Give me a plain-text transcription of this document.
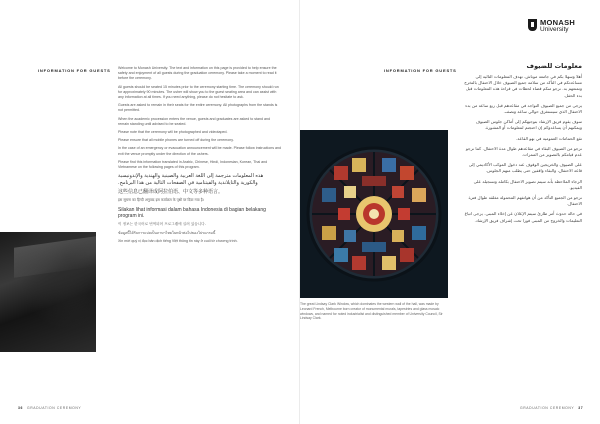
INFORMATION FOR GUESTS Welcome to Monash University. The text and information on this page is provided to help ensure the safety and enjoyment of all guests during the graduation ceremony. Please take a moment to read it before the ceremony.

All guests should be seated 15 minutes prior to the ceremony starting time. The ceremony should run for approximately 90 minutes. The usher will show you to the guest seating area and can assist with any information at all times. If you need anything, please do not hesitate to ask.

Guests are asked to remain in their seats for the entire ceremony. All photographs from the stands is not permitted.

When the academic procession enters the venue, guests and graduates are asked to stand and remain standing until advised to be seated.

Please note that the ceremony will be photographed and videotaped.

Please ensure that all mobile phones are turned off during the ceremony.

In the case of an emergency or evacuation announcement will be made. Please follow instructions and exit the venue promptly under the direction of the ushers.

Please find this information translated in Arabic, Chinese, Hindi, Indonesian, Korean, Thai and Vietnamese on the following pages of this program.

هذه المعلومات مترجمة إلى اللغة العربية والصينية والهندية والإندونيسية والكورية والتايلاندية والفيتنامية في الصفحات التالية من هذا البرنامج.

这些信息已翻译成阿拉伯语、中文等多种语言。

इस सूचना का हिन्दी अनुवाद इस कार्यक्रम के पृष्ठों पर दिया गया है।

Silakan lihat informasi dalam bahasa Indonesia di bagian belakang program ini.

이 정보는 한국어로 번역되어 프로그램에 실려 있습니다.

ข้อมูลนี้ได้รับการแปลเป็นภาษาไทยในหน้าต่อไปของโปรแกรมนี้

Xin mời quý vị đọc bản dịch tiếng Việt thông tin này ở cuối tờ chương trình.

36 GRADUATION CEREMONY
INFORMATION FOR GUESTS
MONASH
University
The great Lindsay Clark Window, which dominates the western wall of the hall, was made by Leonard French, Melbourne born creator of monumental murals, tapestries and glass mosaic windows, and named for noted industrialist and distinguished member of University Council, Sir Lindsay Clark.
معلومات للضيوف

أهلا وسهلا بكم في جامعة موناش. تهدف المعلومات التالية إلى مساعدتكم في التأكد من سلامة جميع الضيوف خلال الاحتفال بالتخرج وتمتعهم به. نرجو منكم قضاء لحظات في قراءة هذه المعلومات قبل بدء الحفل.

يرجى من جميع الضيوف التواجد في مقاعدهم قبل ربع ساعة من بدء الاحتفال الذي سيستغرق حوالي ساعة ونصف.

سوف يقوم فريق الإرشاد بتوجيهكم إلى أماكن جلوس الضيوف ويمكنهم أن يساعدوكم إن احتجتم لمعلومات أو المشورة.

تقع الحمامات العمومية في بهو القاعة.

نرجو من الضيوف البقاء في مقاعدهم طوال مدة الاحتفال. كما نرجو عدم قيامكم بالتصوير من الممرات.

على الضيوف والخريجين الوقوف عند دخول الموكب الأكاديمي إلى قاعة الاحتفال، والبقاء واقفين حتى يطلب منهم الجلوس.

الرجاء الملاحظة بأنه سيتم تصوير الاحتفال بكامله وتسجيله على الفيديو.

نرجو من الجميع التأكد من أن هواتفهم المحمولة مغلقة طوال فترة الاحتفال.

في حالة حدوث أمر طارئ سيتم الإعلان عن إخلاء المبنى. يرجى اتباع التعليمات والخروج من المبنى فورا تحت إشراف فريق الإرشاد.

GRADUATION CEREMONY 37
